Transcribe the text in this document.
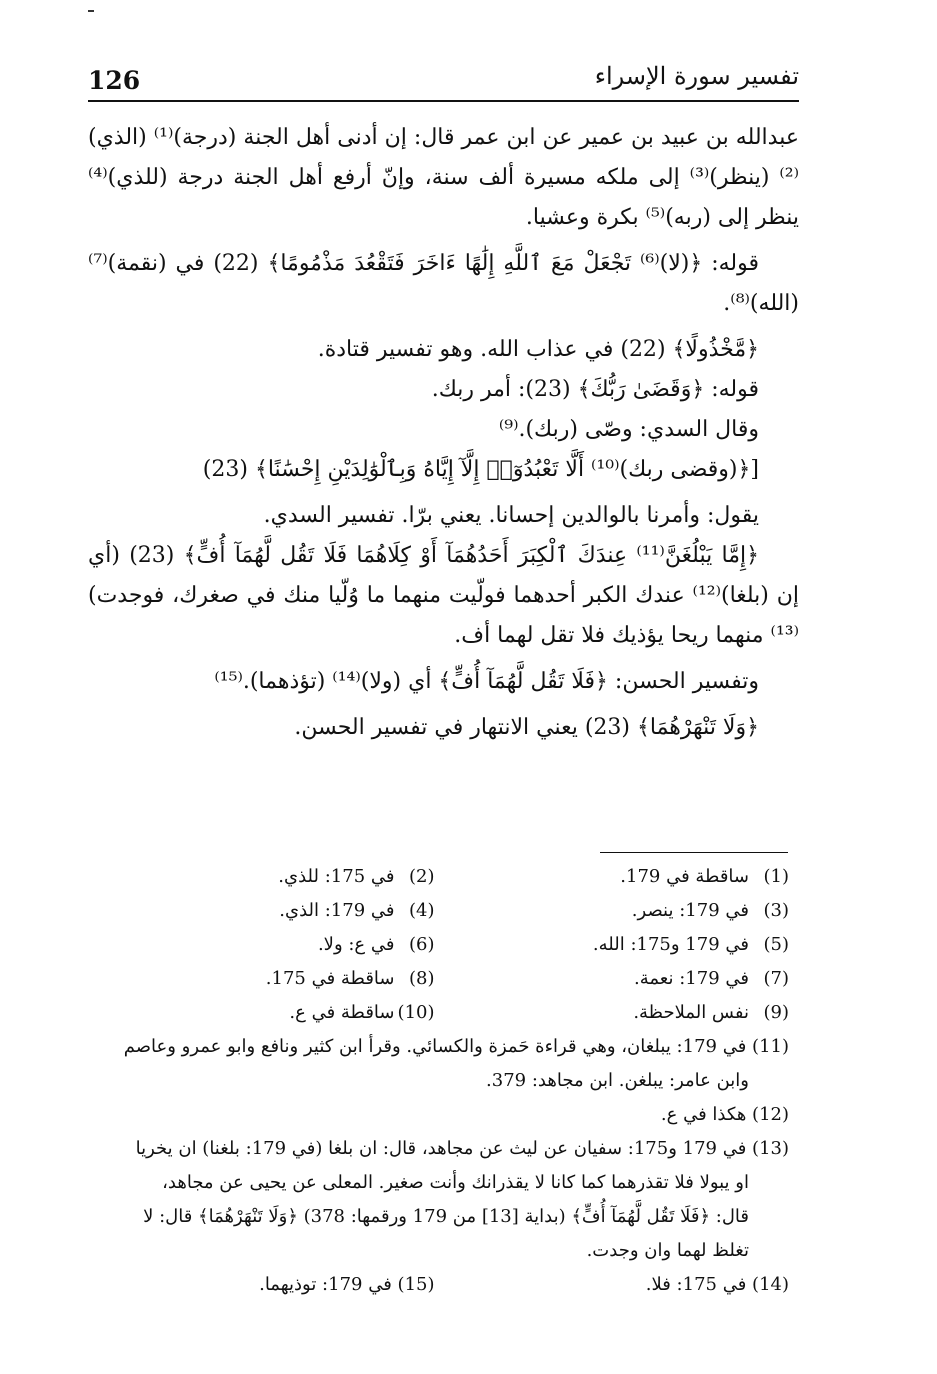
تفسير سورة الإسراء
126

عبدالله بن عبيد بن عمير عن ابن عمر قال: إن أدنى أهل الجنة (درجة)⁽¹⁾ (الذي)⁽²⁾ (ينظر)⁽³⁾ إلى ملكه مسيرة ألف سنة، وإنّ أرفع أهل الجنة درجة (للذي)⁽⁴⁾ ينظر إلى (ربه)⁽⁵⁾ بكرة وعشيا.

قوله: ﴿(لا)⁽⁶⁾ تَجْعَلْ مَعَ ٱللَّهِ إِلَٰهًا ءَاخَرَ فَتَقْعُدَ مَذْمُومًا﴾ (22) في (نقمة)⁽⁷⁾ (الله)⁽⁸⁾.

﴿مَّخْذُولًا﴾ (22) في عذاب الله. وهو تفسير قتادة.

قوله: ﴿وَقَضَىٰ رَبُّكَ﴾ (23): أمر ربك.

وقال السدي: وصّى (ربك).⁽⁹⁾

[﴿(وقضى ربك)⁽¹⁰⁾ أَلَّا تَعْبُدُوٓا۟ إِلَّآ إِيَّاهُ وَبِٱلْوَٰلِدَيْنِ إِحْسَٰنًا﴾ (23)

يقول: وأمرنا بالوالدين إحسانا. يعني برّا. تفسير السدي.

﴿إِمَّا يَبْلُغَنَّ⁽¹¹⁾ عِندَكَ ٱلْكِبَرَ أَحَدُهُمَآ أَوْ كِلَاهُمَا فَلَا تَقُل لَّهُمَآ أُفٍّ﴾ (23) (أي إن (بلغا)⁽¹²⁾ عندك الكبر أحدهما فولّيت منهما ما وُلّيا منك في صغرك، فوجدت)⁽¹³⁾ منهما ريحا يؤذيك فلا تقل لهما أف.

وتفسير الحسن: ﴿فَلَا تَقُل لَّهُمَآ أُفٍّ﴾ أي (ولا)⁽¹⁴⁾ (تؤذهما).⁽¹⁵⁾

﴿وَلَا تَنْهَرْهُمَا﴾ (23) يعني الانتهار في تفسير الحسن.

(1)ساقطة في 179.
(2)في 175: للذي.
(3)في 179: ينصر.
(4)في 179: الذي.
(5)في 179 و175: الله.
(6)في ع: ولا.
(7)في 179: نعمة.
(8)ساقطة في 175.
(9)نفس الملاحظة.
(10)ساقطة في ع.

(11) في 179: يبلغان، وهي قراءة حَمزة والكسائي. وقرأ ابن كثير ونافع وابو عمرو وعاصم

وابن عامر: يبلغن. ابن مجاهد: 379.

(12) هكذا في ع.

(13) في 179 و175: سفيان عن ليث عن مجاهد، قال: ان بلغا (في 179: بلغنا) ان يخريا

او يبولا فلا تقذرهما كما كانا لا يقذرانك وأنت صغير. المعلى عن يحيى عن مجاهد،

قال: ﴿فَلَا تَقُل لَّهُمَآ أُفٍّ﴾ (بداية [13] من 179 ورقمها: 378) ﴿وَلَا تَنْهَرْهُمَا﴾ قال: لا

تغلظ لهما وان وجدت.

(14) في 175: فلا.
(15) في 179: توذيهما.
